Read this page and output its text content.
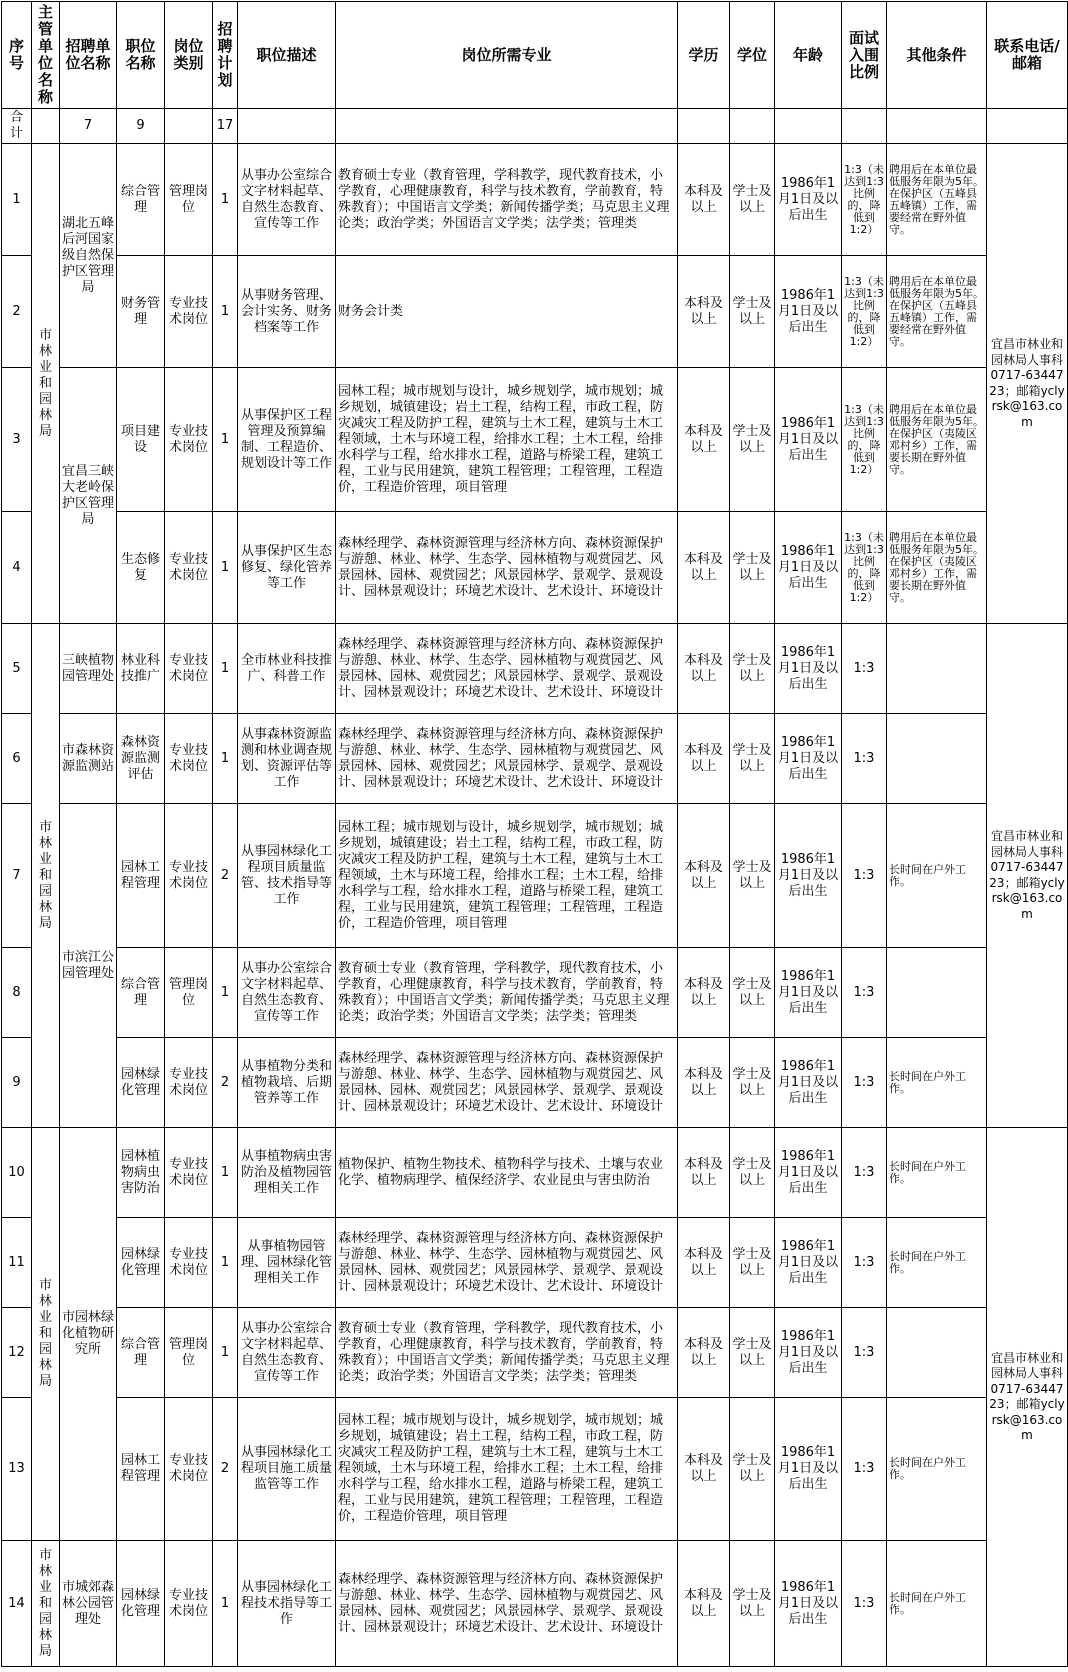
序号	主管单位名称	招聘单位名称	职位名称	岗位类别	招聘计划	职位描述	岗位所需专业	学历	学位	年龄	面试入围比例	其他条件	联系电话/邮箱
合计		7	9		17								
1	市林业和园林局	湖北五峰后河国家级自然保护区管理局	综合管理	管理岗位	1	从事办公室综合文字材料起草、自然生态教育、宣传等工作	教育硕士专业（教育管理，学科教学，现代教育技术，小学教育，心理健康教育，科学与技术教育，学前教育，特殊教育）；中国语言文学类；新闻传播学类；马克思主义理论类；政治学类；外国语言文学类；法学类；管理类	本科及以上	学士及以上	1986年1月1日及以后出生	1:3（未达到1:3比例的，降低到1:2）	聘用后在本单位最低服务年限为5年。在保护区（五峰县五峰镇）工作，需要经常在野外值守。	宜昌市林业和园林局人事科0717-6344723；邮箱yclyrsk@163.com
2			财务管理	专业技术岗位	1	从事财务管理、会计实务、财务档案等工作	财务会计类	本科及以上	学士及以上	1986年1月1日及以后出生	1:3（未达到1:3比例的，降低到1:2）	聘用后在本单位最低服务年限为5年。在保护区（五峰县五峰镇）工作，需要经常在野外值守。	
3		宜昌三峡大老岭保护区管理局	项目建设	专业技术岗位	1	从事保护区工程管理及预算编制、工程造价、规划设计等工作	园林工程；城市规划与设计，城乡规划学，城市规划；城乡规划，城镇建设；岩土工程，结构工程，市政工程，防灾减灾工程及防护工程，建筑与土木工程，建筑与土木工程领域，土木与环境工程，给排水工程；土木工程，给排水科学与工程，给水排水工程，道路与桥梁工程，建筑工程，工业与民用建筑，建筑工程管理；工程管理，工程造价，工程造价管理，项目管理	本科及以上	学士及以上	1986年1月1日及以后出生	1:3（未达到1:3比例的，降低到1:2）	聘用后在本单位最低服务年限为5年。在保护区（夷陵区邓村乡）工作，需要长期在野外值守。	
4			生态修复	专业技术岗位	1	从事保护区生态修复、绿化管养等工作	森林经理学、森林资源管理与经济林方向、森林资源保护与游憩、林业、林学、生态学、园林植物与观赏园艺、风景园林、园林、观赏园艺；风景园林学、景观学、景观设计、园林景观设计；环境艺术设计、艺术设计、环境设计	本科及以上	学士及以上	1986年1月1日及以后出生	1:3（未达到1:3比例的，降低到1:2）	聘用后在本单位最低服务年限为5年。在保护区（夷陵区邓村乡）工作，需要长期在野外值守。	
5	市林业和园林局	三峡植物园管理处	林业科技推广	专业技术岗位	1	全市林业科技推广、科普工作	森林经理学、森林资源管理与经济林方向、森林资源保护与游憩、林业、林学、生态学、园林植物与观赏园艺、风景园林、园林、观赏园艺；风景园林学、景观学、景观设计、园林景观设计；环境艺术设计、艺术设计、环境设计	本科及以上	学士及以上	1986年1月1日及以后出生	1:3		宜昌市林业和园林局人事科0717-6344723；邮箱yclyrsk@163.com
6		市森林资源监测站	森林资源监测评估	专业技术岗位	1	从事森林资源监测和林业调查规划、资源评估等工作	森林经理学、森林资源管理与经济林方向、森林资源保护与游憩、林业、林学、生态学、园林植物与观赏园艺、风景园林、园林、观赏园艺；风景园林学、景观学、景观设计、园林景观设计；环境艺术设计、艺术设计、环境设计	本科及以上	学士及以上	1986年1月1日及以后出生	1:3		
7		市滨江公园管理处	园林工程管理	专业技术岗位	2	从事园林绿化工程项目质量监管、技术指导等工作	园林工程；城市规划与设计，城乡规划学，城市规划；城乡规划，城镇建设；岩土工程，结构工程，市政工程，防灾减灾工程及防护工程，建筑与土木工程，建筑与土木工程领域，土木与环境工程，给排水工程；土木工程，给排水科学与工程，给水排水工程，道路与桥梁工程，建筑工程，工业与民用建筑，建筑工程管理；工程管理，工程造价，工程造价管理，项目管理	本科及以上	学士及以上	1986年1月1日及以后出生	1:3	长时间在户外工作。	
8			综合管理	管理岗位	1	从事办公室综合文字材料起草、自然生态教育、宣传等工作	教育硕士专业（教育管理，学科教学，现代教育技术，小学教育，心理健康教育，科学与技术教育，学前教育，特殊教育）；中国语言文学类；新闻传播学类；马克思主义理论类；政治学类；外国语言文学类；法学类；管理类	本科及以上	学士及以上	1986年1月1日及以后出生	1:3		
9			园林绿化管理	专业技术岗位	2	从事植物分类和植物栽培、后期管养等工作	森林经理学、森林资源管理与经济林方向、森林资源保护与游憩、林业、林学、生态学、园林植物与观赏园艺、风景园林、园林、观赏园艺；风景园林学、景观学、景观设计、园林景观设计；环境艺术设计、艺术设计、环境设计	本科及以上	学士及以上	1986年1月1日及以后出生	1:3	长时间在户外工作。	
10	市林业和园林局	市园林绿化植物研究所	园林植物病虫害防治	专业技术岗位	1	从事植物病虫害防治及植物园管理相关工作	植物保护、植物生物技术、植物科学与技术、土壤与农业化学、植物病理学、植保经济学、农业昆虫与害虫防治	本科及以上	学士及以上	1986年1月1日及以后出生	1:3	长时间在户外工作。	宜昌市林业和园林局人事科0717-6344723；邮箱yclyrsk@163.com
11			园林绿化管理	专业技术岗位	1	从事植物园管理、园林绿化管理相关工作	森林经理学、森林资源管理与经济林方向、森林资源保护与游憩、林业、林学、生态学、园林植物与观赏园艺、风景园林、园林、观赏园艺；风景园林学、景观学、景观设计、园林景观设计；环境艺术设计、艺术设计、环境设计	本科及以上	学士及以上	1986年1月1日及以后出生	1:3	长时间在户外工作。	
12			综合管理	管理岗位	1	从事办公室综合文字材料起草、自然生态教育、宣传等工作	教育硕士专业（教育管理，学科教学，现代教育技术，小学教育，心理健康教育，科学与技术教育，学前教育，特殊教育）；中国语言文学类；新闻传播学类；马克思主义理论类；政治学类；外国语言文学类；法学类；管理类	本科及以上	学士及以上	1986年1月1日及以后出生	1:3		
13			园林工程管理	专业技术岗位	2	从事园林绿化工程项目施工质量监管等工作	园林工程；城市规划与设计，城乡规划学，城市规划；城乡规划，城镇建设；岩土工程，结构工程，市政工程，防灾减灾工程及防护工程，建筑与土木工程，建筑与土木工程领域，土木与环境工程，给排水工程；土木工程，给排水科学与工程，给水排水工程，道路与桥梁工程，建筑工程，工业与民用建筑，建筑工程管理；工程管理，工程造价，工程造价管理，项目管理	本科及以上	学士及以上	1986年1月1日及以后出生	1:3	长时间在户外工作。	
14	市林业和园林局	市城郊森林公园管理处	园林绿化管理	专业技术岗位	1	从事园林绿化工程技术指导等工作	森林经理学、森林资源管理与经济林方向、森林资源保护与游憩、林业、林学、生态学、园林植物与观赏园艺、风景园林、园林、观赏园艺；风景园林学、景观学、景观设计、园林景观设计；环境艺术设计、艺术设计、环境设计	本科及以上	学士及以上	1986年1月1日及以后出生	1:3	长时间在户外工作。	
